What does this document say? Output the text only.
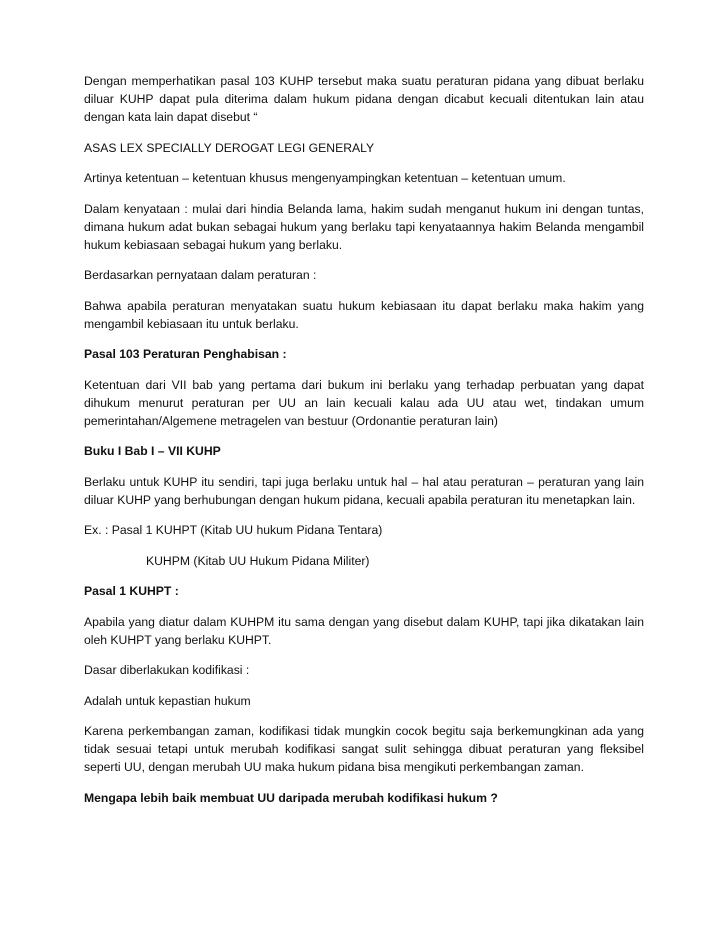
Dengan memperhatikan pasal 103 KUHP tersebut maka suatu peraturan pidana yang dibuat berlaku diluar KUHP dapat pula diterima dalam hukum pidana dengan dicabut kecuali ditentukan lain atau dengan kata lain dapat disebut “

ASAS LEX SPECIALLY DEROGAT LEGI GENERALY

Artinya ketentuan – ketentuan khusus mengenyampingkan ketentuan – ketentuan umum.

Dalam kenyataan : mulai dari hindia Belanda lama, hakim sudah menganut hukum ini dengan tuntas, dimana hukum adat bukan sebagai hukum yang berlaku tapi kenyataannya hakim Belanda mengambil hukum kebiasaan sebagai hukum yang berlaku.

Berdasarkan pernyataan dalam peraturan :

Bahwa apabila peraturan menyatakan suatu hukum kebiasaan itu dapat berlaku maka hakim yang mengambil kebiasaan itu untuk berlaku.

Pasal 103 Peraturan Penghabisan :

Ketentuan dari VII bab yang pertama dari bukum ini berlaku yang terhadap perbuatan yang dapat dihukum menurut peraturan per UU an lain kecuali kalau ada UU atau wet, tindakan umum pemerintahan/Algemene metragelen van bestuur (Ordonantie peraturan lain)

Buku I Bab I – VII KUHP

Berlaku untuk KUHP itu sendiri, tapi juga berlaku untuk hal – hal atau peraturan – peraturan yang lain diluar KUHP yang berhubungan dengan hukum pidana, kecuali apabila peraturan itu menetapkan lain.

Ex. : Pasal 1 KUHPT (Kitab UU hukum Pidana Tentara)

KUHPM (Kitab UU Hukum Pidana Militer)

Pasal 1 KUHPT :

Apabila yang diatur dalam KUHPM itu sama dengan yang disebut dalam KUHP, tapi jika dikatakan lain oleh KUHPT yang berlaku KUHPT.

Dasar diberlakukan kodifikasi :

Adalah untuk kepastian hukum

Karena perkembangan zaman, kodifikasi tidak mungkin cocok begitu saja berkemungkinan ada yang tidak sesuai tetapi untuk merubah kodifikasi sangat sulit sehingga dibuat peraturan yang fleksibel seperti UU, dengan merubah UU maka hukum pidana bisa mengikuti perkembangan zaman.

Mengapa lebih baik membuat UU daripada merubah kodifikasi hukum ?
